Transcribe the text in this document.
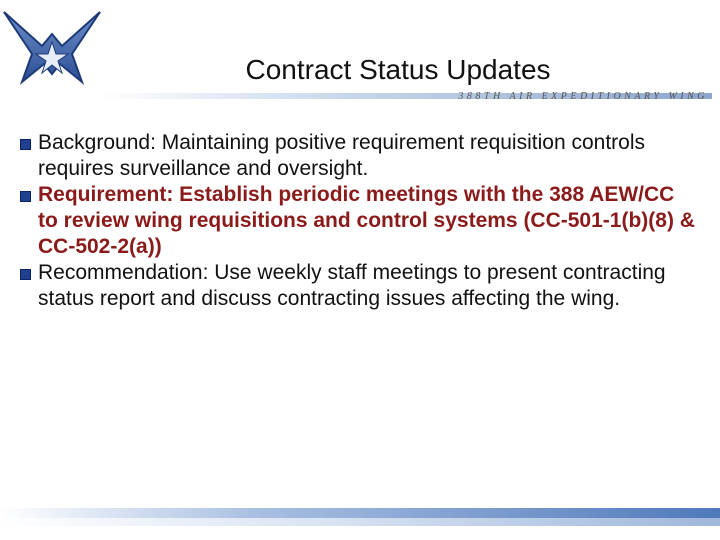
Contract Status Updates
388TH AIR EXPEDITIONARY WING
Background: Maintaining positive requirement requisition controls requires surveillance and oversight.
Requirement: Establish periodic meetings with the 388 AEW/CC to review wing requisitions and control systems (CC-501-1(b)(8) & CC-502-2(a))
Recommendation: Use weekly staff meetings to present contracting status report and discuss contracting issues affecting the wing.
